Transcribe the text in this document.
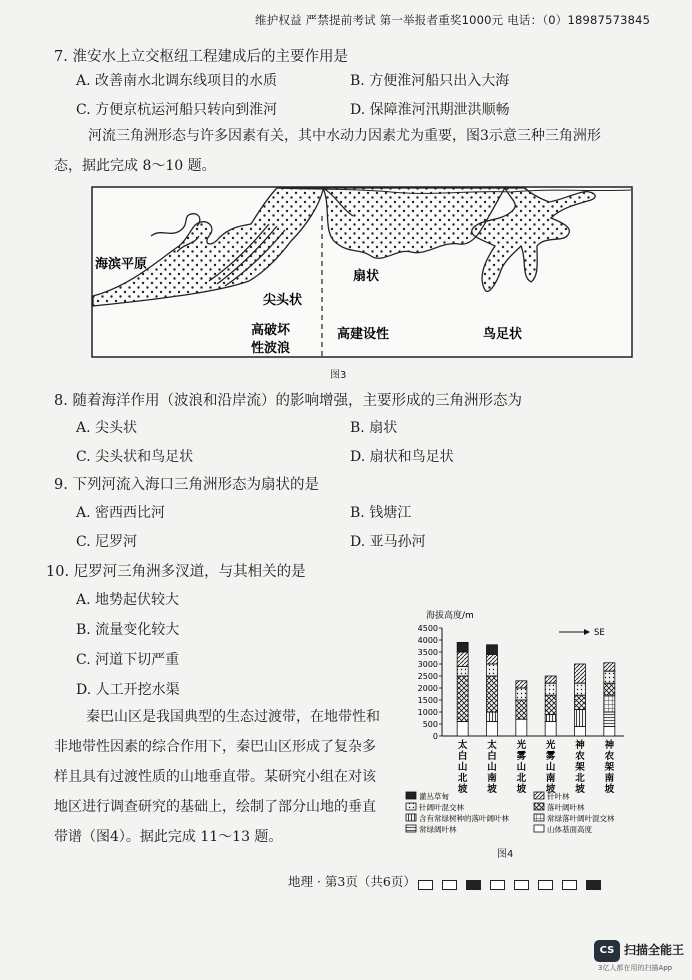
维护权益 严禁提前考试 第一举报者重奖1000元 电话：（0）18987573845
7. 淮安水上立交枢纽工程建成后的主要作用是
A. 改善南水北调东线项目的水质	B. 方便淮河船只出入大海
C. 方便京杭运河船只转向到淮河	D. 保障淮河汛期泄洪顺畅
河流三角洲形态与许多因素有关，其中水动力因素尤为重要，图3示意三种三角洲形
态，据此完成 8～10 题。
海滨平原
尖头状
扇状
高破坏
性波浪
高建设性	鸟足状
图3
8. 随着海洋作用（波浪和沿岸流）的影响增强，主要形成的三角洲形态为
A. 尖头状	B. 扇状
C. 尖头状和鸟足状	D. 扇状和鸟足状
9. 下列河流入海口三角洲形态为扇状的是
A. 密西西比河	B. 钱塘江
C. 尼罗河	D. 亚马孙河
10. 尼罗河三角洲多汊道，与其相关的是
A. 地势起伏较大
B. 流量变化较大
C. 河道下切严重
D. 人工开挖水渠
秦巴山区是我国典型的生态过渡带，在地带性和
非地带性因素的综合作用下，秦巴山区形成了复杂多
样且具有过渡性质的山地垂直带。某研究小组在对该
地区进行调查研究的基础上，绘制了部分山地的垂直
带谱（图4）。据此完成 11～13 题。
海拔高度/m
0
500
1000
1500
2000
2500
3000
3500
4000
4500
太
白
山
北
坡
太
白
山
南
坡
光
雾
山
北
坡
光
雾
山
南
坡
神
农
架
北
坡
神
农
架
南
坡
SE
灌丛草甸	针叶林
针阔叶混交林	落叶阔叶林
含有常绿树种的落叶阔叶林	常绿落叶阔叶混交林
常绿阔叶林	山体基面高度
图4
地理 · 第3页（共6页）
CS 扫描全能王
3亿人都在用的扫描App
